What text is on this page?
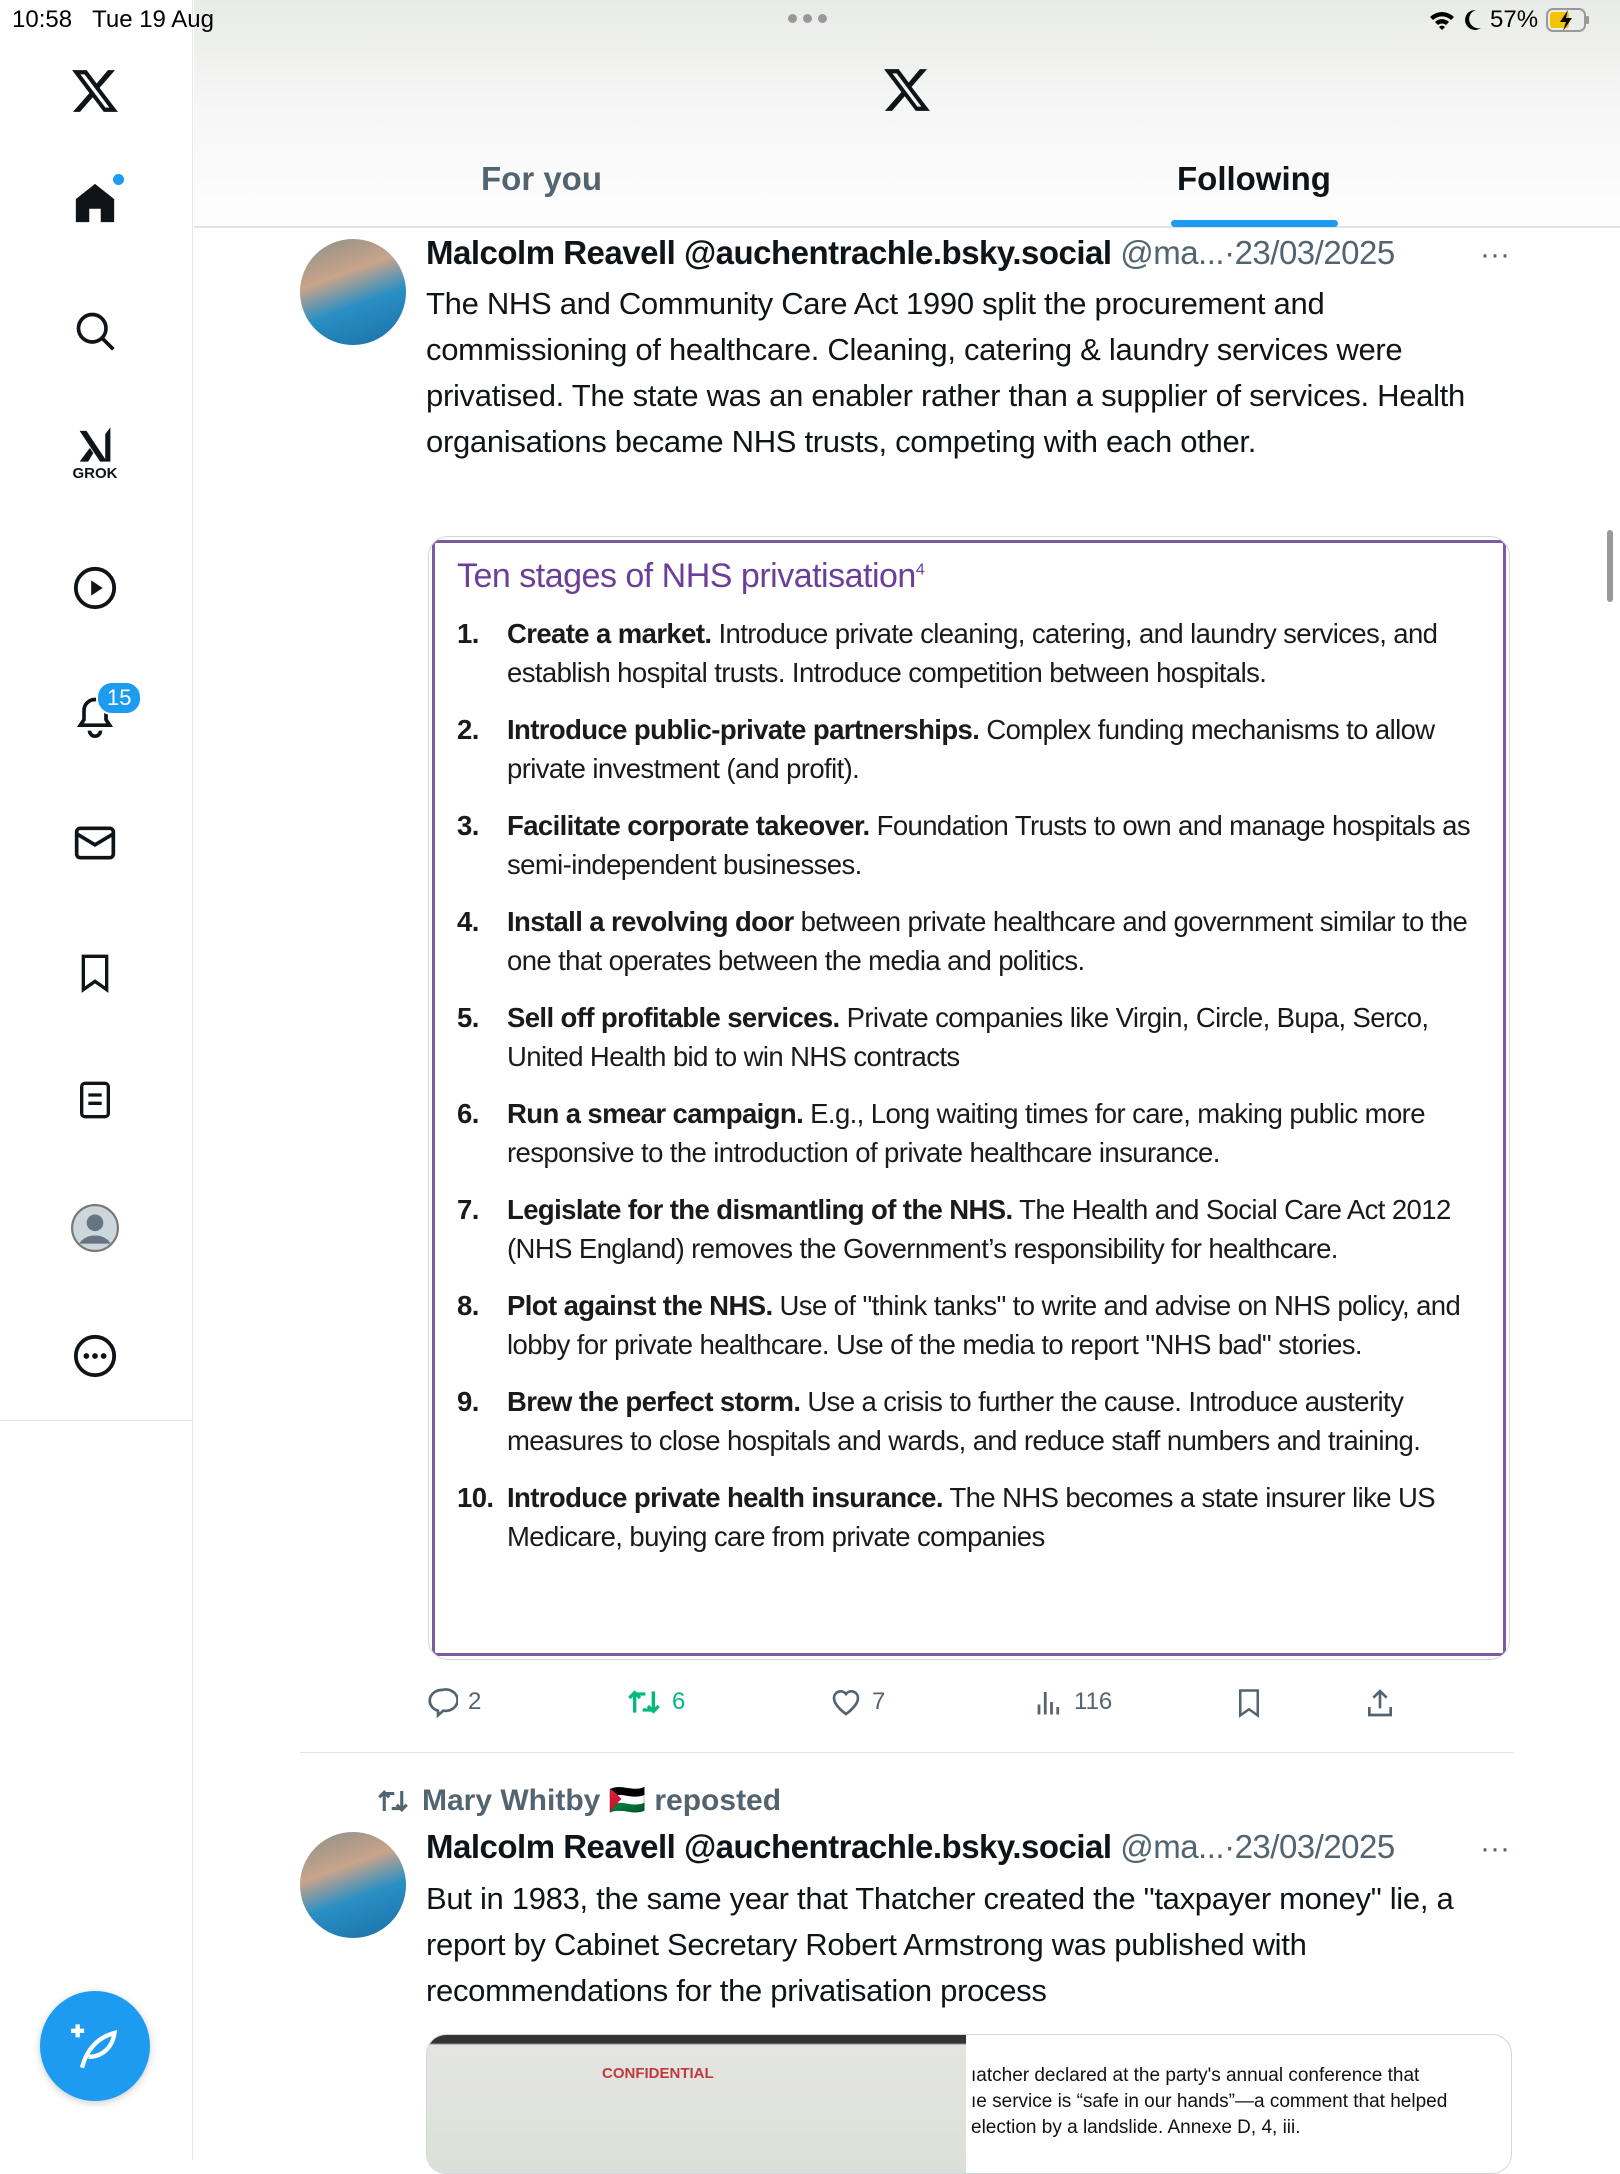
For you	Following
10:58 Tue 19 Aug	57%
GROK
15
Malcolm Reavell @auchentrachle.bsky.social @ma...·23/03/2025	···
The NHS and Community Care Act 1990 split the procurement and commissioning of healthcare. Cleaning, catering & laundry services were privatised. The state was an enabler rather than a supplier of services. Health organisations became NHS trusts, competing with each other.
Ten stages of NHS privatisation$^4$
1.	Create a market. Introduce private cleaning, catering, and laundry services, and establish hospital trusts. Introduce competition between hospitals.
2.	Introduce public-private partnerships. Complex funding mechanisms to allow private investment (and profit).
3.	Facilitate corporate takeover. Foundation Trusts to own and manage hospitals as semi-independent businesses.
4.	Install a revolving door between private healthcare and government similar to the one that operates between the media and politics.
5.	Sell off profitable services. Private companies like Virgin, Circle, Bupa, Serco, United Health bid to win NHS contracts
6.	Run a smear campaign. E.g., Long waiting times for care, making public more responsive to the introduction of private healthcare insurance.
7.	Legislate for the dismantling of the NHS. The Health and Social Care Act 2012 (NHS England) removes the Government’s responsibility for healthcare.
8.	Plot against the NHS. Use of "think tanks" to write and advise on NHS policy, and lobby for private healthcare. Use of the media to report "NHS bad" stories.
9.	Brew the perfect storm. Use a crisis to further the cause. Introduce austerity measures to close hospitals and wards, and reduce staff numbers and training.
10. Introduce private health insurance. The NHS becomes a state insurer like US Medicare, buying care from private companies
2	6	7	116
Mary Whitby 🇵🇸 reposted
Malcolm Reavell @auchentrachle.bsky.social @ma...·23/03/2025	···
But in 1983, the same year that Thatcher created the "taxpayer money" lie, a report by Cabinet Secretary Robert Armstrong was published with recommendations for the privatisation process
CONFIDENTIAL	ıatcher declared at the party's annual conference that
ıe service is “safe in our hands”—a comment that helped
election by a landslide. Annexe D, 4, iii.
